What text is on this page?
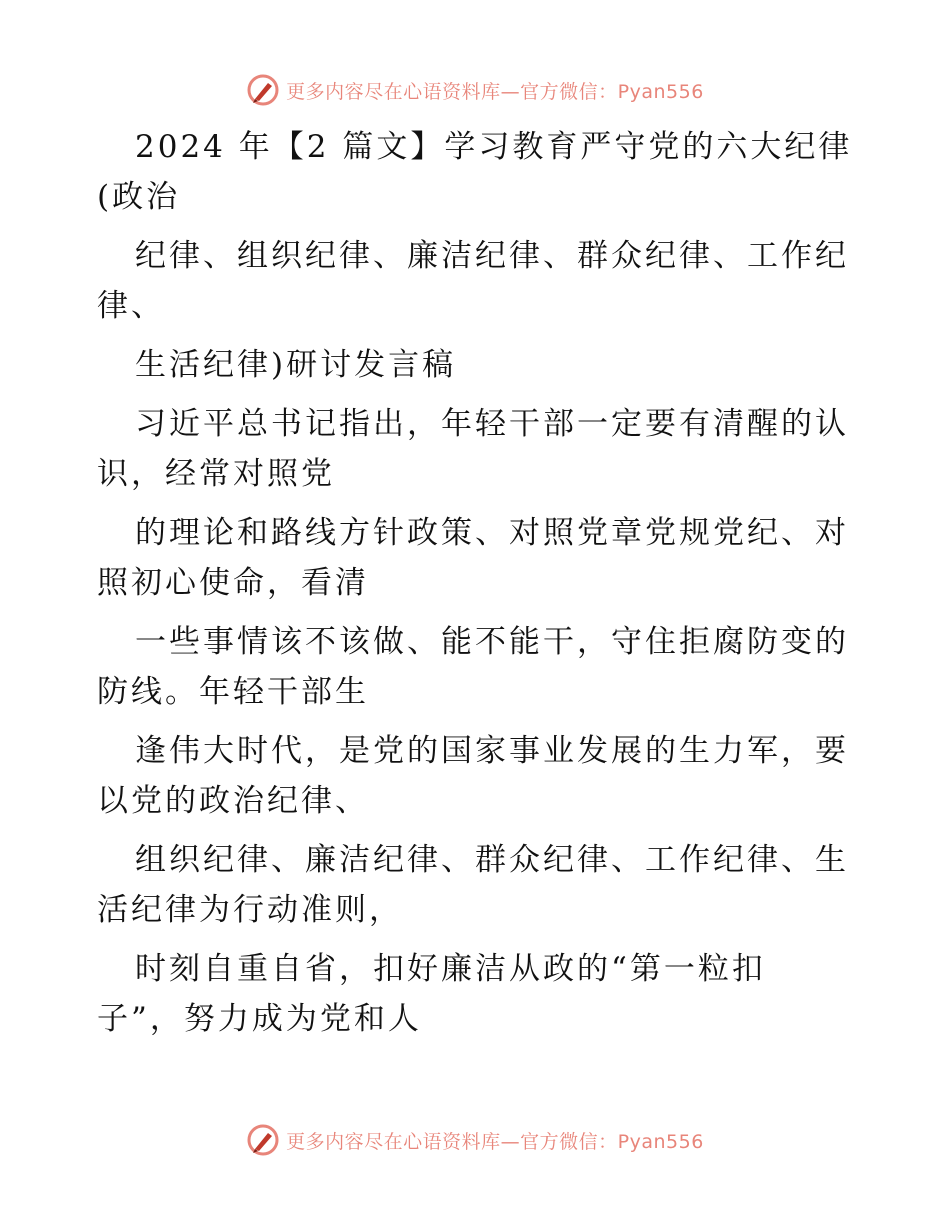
更多内容尽在心语资料库—官方微信：Pyan556
2024 年【2 篇文】学习教育严守党的六大纪律
(政治
纪律、组织纪律、廉洁纪律、群众纪律、工作纪
律、
生活纪律)研讨发言稿
习近平总书记指出，年轻干部一定要有清醒的认
识，经常对照党
的理论和路线方针政策、对照党章党规党纪、对
照初心使命，看清
一些事情该不该做、能不能干，守住拒腐防变的
防线。年轻干部生
逢伟大时代，是党的国家事业发展的生力军，要
以党的政治纪律、
组织纪律、廉洁纪律、群众纪律、工作纪律、生
活纪律为行动准则，
时刻自重自省，扣好廉洁从政的“第一粒扣
子”，努力成为党和人
更多内容尽在心语资料库—官方微信：Pyan556
